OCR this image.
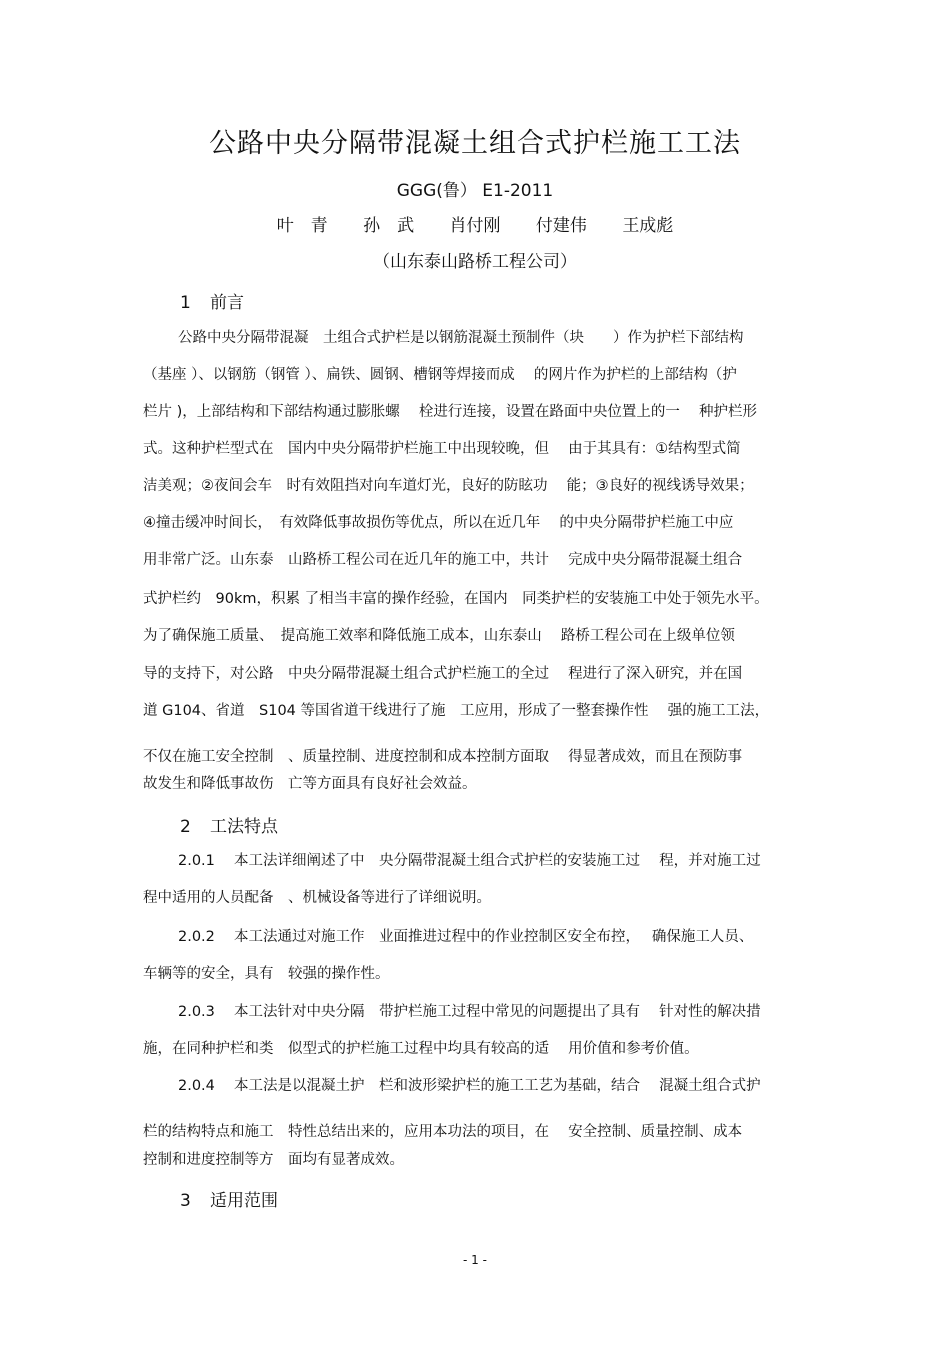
公路中央分隔带混凝土组合式护栏施工工法
GGG(鲁） E1-2011
叶　青 孙　武 肖付刚 付建伟 王成彪
（山东泰山路桥工程公司）
1 前言
公路中央分隔带混凝　土组合式护栏是以钢筋混凝土预制件（块　　）作为护栏下部结构
（基座 ）、以钢筋（钢管 ）、扁铁、圆钢、槽钢等焊接而成　 的网片作为护栏的上部结构（护
栏片 )，上部结构和下部结构通过膨胀螺　 栓进行连接，设置在路面中央位置上的一　 种护栏形
式。这种护栏型式在　国内中央分隔带护栏施工中出现较晚，但　 由于其具有：①结构型式简
洁美观；②夜间会车　时有效阻挡对向车道灯光，良好的防眩功　 能；③良好的视线诱导效果；
④撞击缓冲时间长，　有效降低事故损伤等优点，所以在近几年　 的中央分隔带护栏施工中应
用非常广泛。山东泰　山路桥工程公司在近几年的施工中，共计　 完成中央分隔带混凝土组合
式护栏约　90km，积累 了相当丰富的操作经验，在国内　同类护栏的安装施工中处于领先水平。
为了确保施工质量、　提高施工效率和降低施工成本，山东泰山　 路桥工程公司在上级单位领
导的支持下，对公路　中央分隔带混凝土组合式护栏施工的全过　 程进行了深入研究，并在国
道 G104、省道　S104 等国省道干线进行了施　工应用，形成了一整套操作性　 强的施工工法，
不仅在施工安全控制　、质量控制、进度控制和成本控制方面取　 得显著成效，而且在预防事
故发生和降低事故伤　亡等方面具有良好社会效益。
2 工法特点
2.0.1　 本工法详细阐述了中　央分隔带混凝土组合式护栏的安装施工过　 程，并对施工过
程中适用的人员配备　、机械设备等进行了详细说明。
2.0.2　 本工法通过对施工作　业面推进过程中的作业控制区安全布控，　 确保施工人员、
车辆等的安全，具有　较强的操作性。
2.0.3　 本工法针对中央分隔　带护栏施工过程中常见的问题提出了具有　 针对性的解决措
施，在同种护栏和类　似型式的护栏施工过程中均具有较高的适　 用价值和参考价值。
2.0.4　 本工法是以混凝土护　栏和波形梁护栏的施工工艺为基础，结合　 混凝土组合式护
栏的结构特点和施工　特性总结出来的，应用本功法的项目，在　 安全控制、质量控制、成本
控制和进度控制等方　面均有显著成效。
3 适用范围
- 1 -
